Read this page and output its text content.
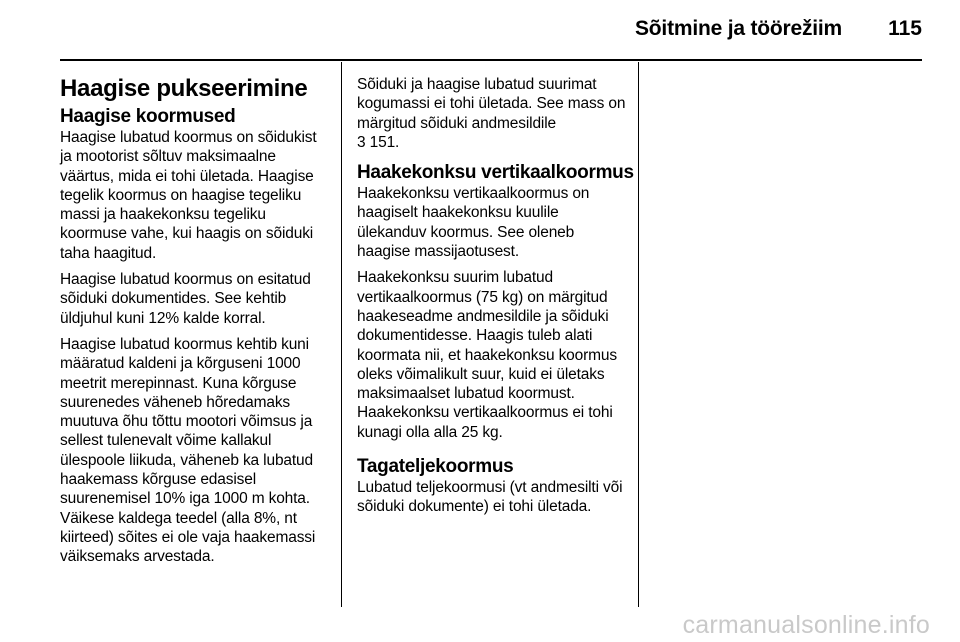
Sõitmine ja töörežiim 115
Haagise pukseerimine
Haagise koormused

Haagise lubatud koormus on sõidukist ja mootorist sõltuv maksimaalne väärtus, mida ei tohi ületada. Haagise tegelik koormus on haagise tegeliku massi ja haakekonksu tegeliku koormuse vahe, kui haagis on sõiduki taha haagitud.

Haagise lubatud koormus on esitatud sõiduki dokumentides. See kehtib üldjuhul kuni 12% kalde korral.

Haagise lubatud koormus kehtib kuni määratud kaldeni ja kõrguseni 1000 meetrit merepinnast. Kuna kõrguse suurenedes väheneb hõredamaks muutuva õhu tõttu mootori võimsus ja sellest tulenevalt võime kallakul ülespoole liikuda, väheneb ka lubatud haakemass kõrguse edasisel suurenemisel 10% iga 1000 m kohta. Väikese kaldega teedel (alla 8%, nt kiirteed) sõites ei ole vaja haakemassi väiksemaks arvestada.

Sõiduki ja haagise lubatud suurimat kogumassi ei tohi ületada. See mass on märgitud sõiduki andmesildile

3 151.

Haakekonksu vertikaalkoormus

Haakekonksu vertikaalkoormus on haagiselt haakekonksu kuulile ülekanduv koormus. See oleneb haagise massijaotusest.

Haakekonksu suurim lubatud vertikaalkoormus (75 kg) on märgitud haakeseadme andmesildile ja sõiduki dokumentidesse. Haagis tuleb alati koormata nii, et haakekonksu koormus oleks võimalikult suur, kuid ei ületaks maksimaalset lubatud koormust. Haakekonksu vertikaalkoormus ei tohi kunagi olla alla 25 kg.

Tagateljekoormus

Lubatud teljekoormusi (vt andmesilti või sõiduki dokumente) ei tohi ületada.

carmanualsonline.info
